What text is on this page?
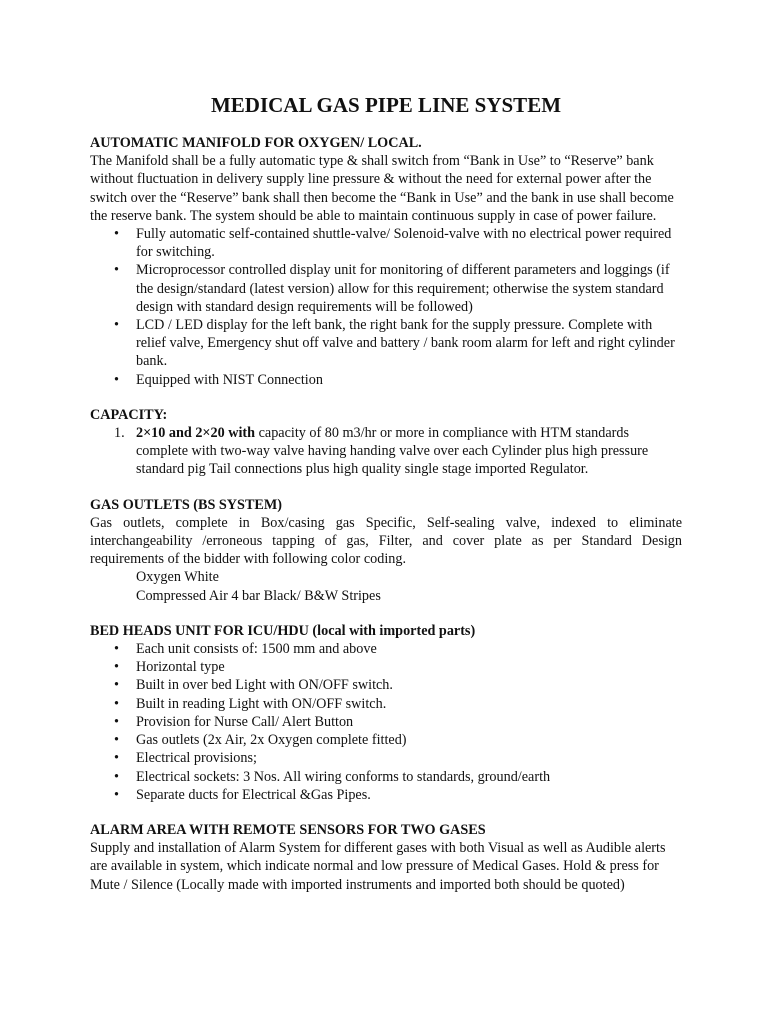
MEDICAL GAS PIPE LINE SYSTEM

AUTOMATIC MANIFOLD FOR OXYGEN/ LOCAL.

The Manifold shall be a fully automatic type & shall switch from “Bank in Use” to “Reserve” bank without fluctuation in delivery supply line pressure & without the need for external power after the switch over the “Reserve” bank shall then become the “Bank in Use” and the bank in use shall become the reserve bank. The system should be able to maintain continuous supply in case of power failure.

• Fully automatic self-contained shuttle-valve/ Solenoid-valve with no electrical power required for switching.
• Microprocessor controlled display unit for monitoring of different parameters and loggings (if the design/standard (latest version) allow for this requirement; otherwise the system standard design with standard design requirements will be followed)
• LCD / LED display for the left bank, the right bank for the supply pressure. Complete with relief valve, Emergency shut off valve and battery / bank room alarm for left and right cylinder bank.
• Equipped with NIST Connection

CAPACITY:

1. 2×10 and 2×20 with capacity of 80 m3/hr or more in compliance with HTM standards complete with two-way valve having handing valve over each Cylinder plus high pressure standard pig Tail connections plus high quality single stage imported Regulator.

GAS OUTLETS (BS SYSTEM)

Gas outlets, complete in Box/casing gas Specific, Self-sealing valve, indexed to eliminate interchangeability /erroneous tapping of gas, Filter, and cover plate as per Standard Design requirements of the bidder with following color coding.

Oxygen White

Compressed Air 4 bar Black/ B&W Stripes

BED HEADS UNIT FOR ICU/HDU (local with imported parts)

• Each unit consists of: 1500 mm and above
• Horizontal type
• Built in over bed Light with ON/OFF switch.
• Built in reading Light with ON/OFF switch.
• Provision for Nurse Call/ Alert Button
• Gas outlets (2x Air, 2x Oxygen complete fitted)
• Electrical provisions;
• Electrical sockets: 3 Nos. All wiring conforms to standards, ground/earth
• Separate ducts for Electrical &Gas Pipes.

ALARM AREA WITH REMOTE SENSORS FOR TWO GASES

Supply and installation of Alarm System for different gases with both Visual as well as Audible alerts are available in system, which indicate normal and low pressure of Medical Gases. Hold & press for Mute / Silence (Locally made with imported instruments and imported both should be quoted)
